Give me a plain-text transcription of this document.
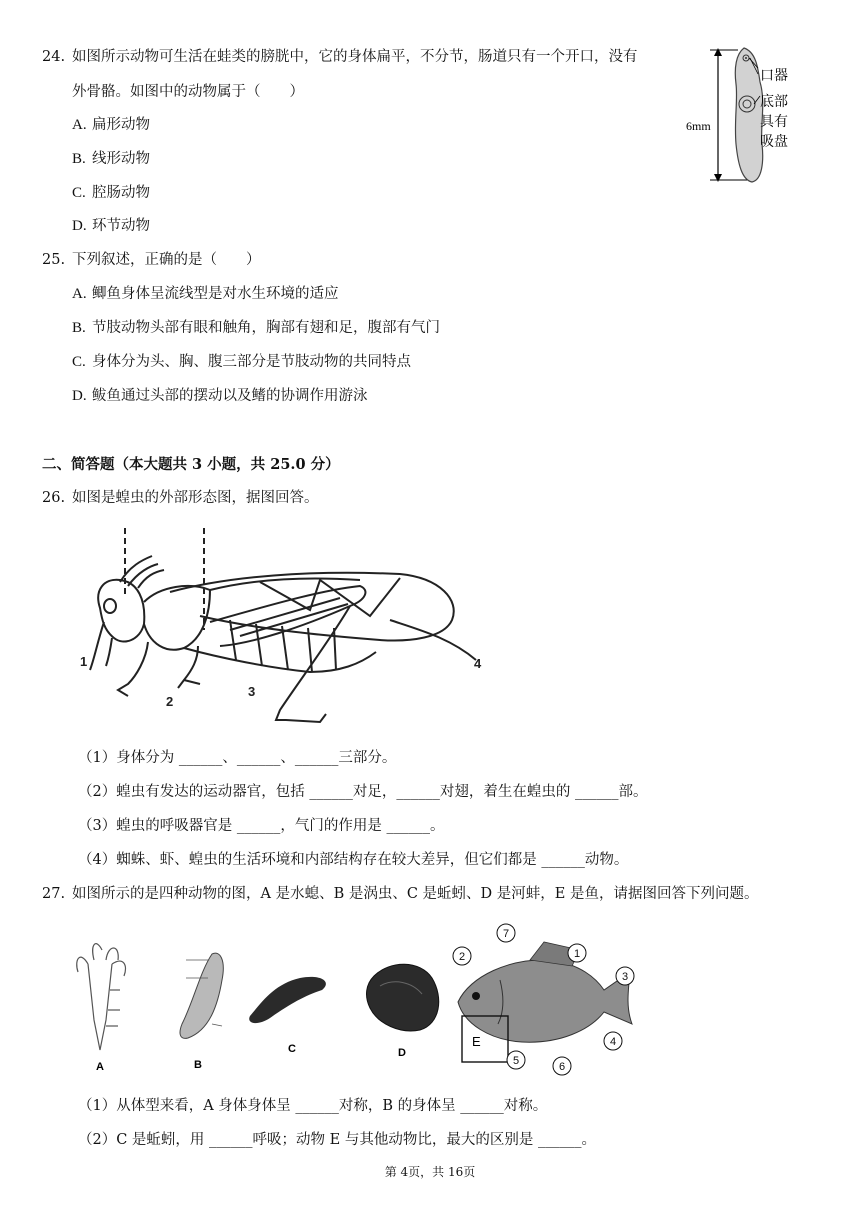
24. 如图所示动物可生活在蛙类的膀胱中，它的身体扁平，不分节，肠道只有一个开口，没有
外骨骼。如图中的动物属于（　　）
A. 扁形动物
B. 线形动物
C. 腔肠动物
D. 环节动物
6mm
口器
底部
具有
吸盘
25. 下列叙述，正确的是（　　）
A. 鲫鱼身体呈流线型是对水生环境的适应
B. 节肢动物头部有眼和触角，胸部有翅和足，腹部有气门
C. 身体分为头、胸、腹三部分是节肢动物的共同特点
D. 鲅鱼通过头部的摆动以及鳍的协调作用游泳
二、简答题（本大题共 3 小题，共 25.0 分）
26. 如图是蝗虫的外部形态图，据图回答。
1
2
3
4
（1）身体分为 ______、______、______三部分。
（2）蝗虫有发达的运动器官，包括 ______对足，______对翅，着生在蝗虫的 ______部。
（3）蝗虫的呼吸器官是 ______，气门的作用是 ______。
（4）蜘蛛、虾、蝗虫的生活环境和内部结构存在较大差异，但它们都是 ______动物。
27. 如图所示的是四种动物的图，A 是水螅、B 是涡虫、C 是蚯蚓、D 是河蚌，E 是鱼，请据图回答下列问题。
A	B
C	D
E
1
2
3
4
5	6
7
（1）从体型来看，A 身体身体呈 ______对称，B 的身体呈 ______对称。
（2）C 是蚯蚓，用 ______呼吸；动物 E 与其他动物比，最大的区别是 ______。
第 4页，共 16页
